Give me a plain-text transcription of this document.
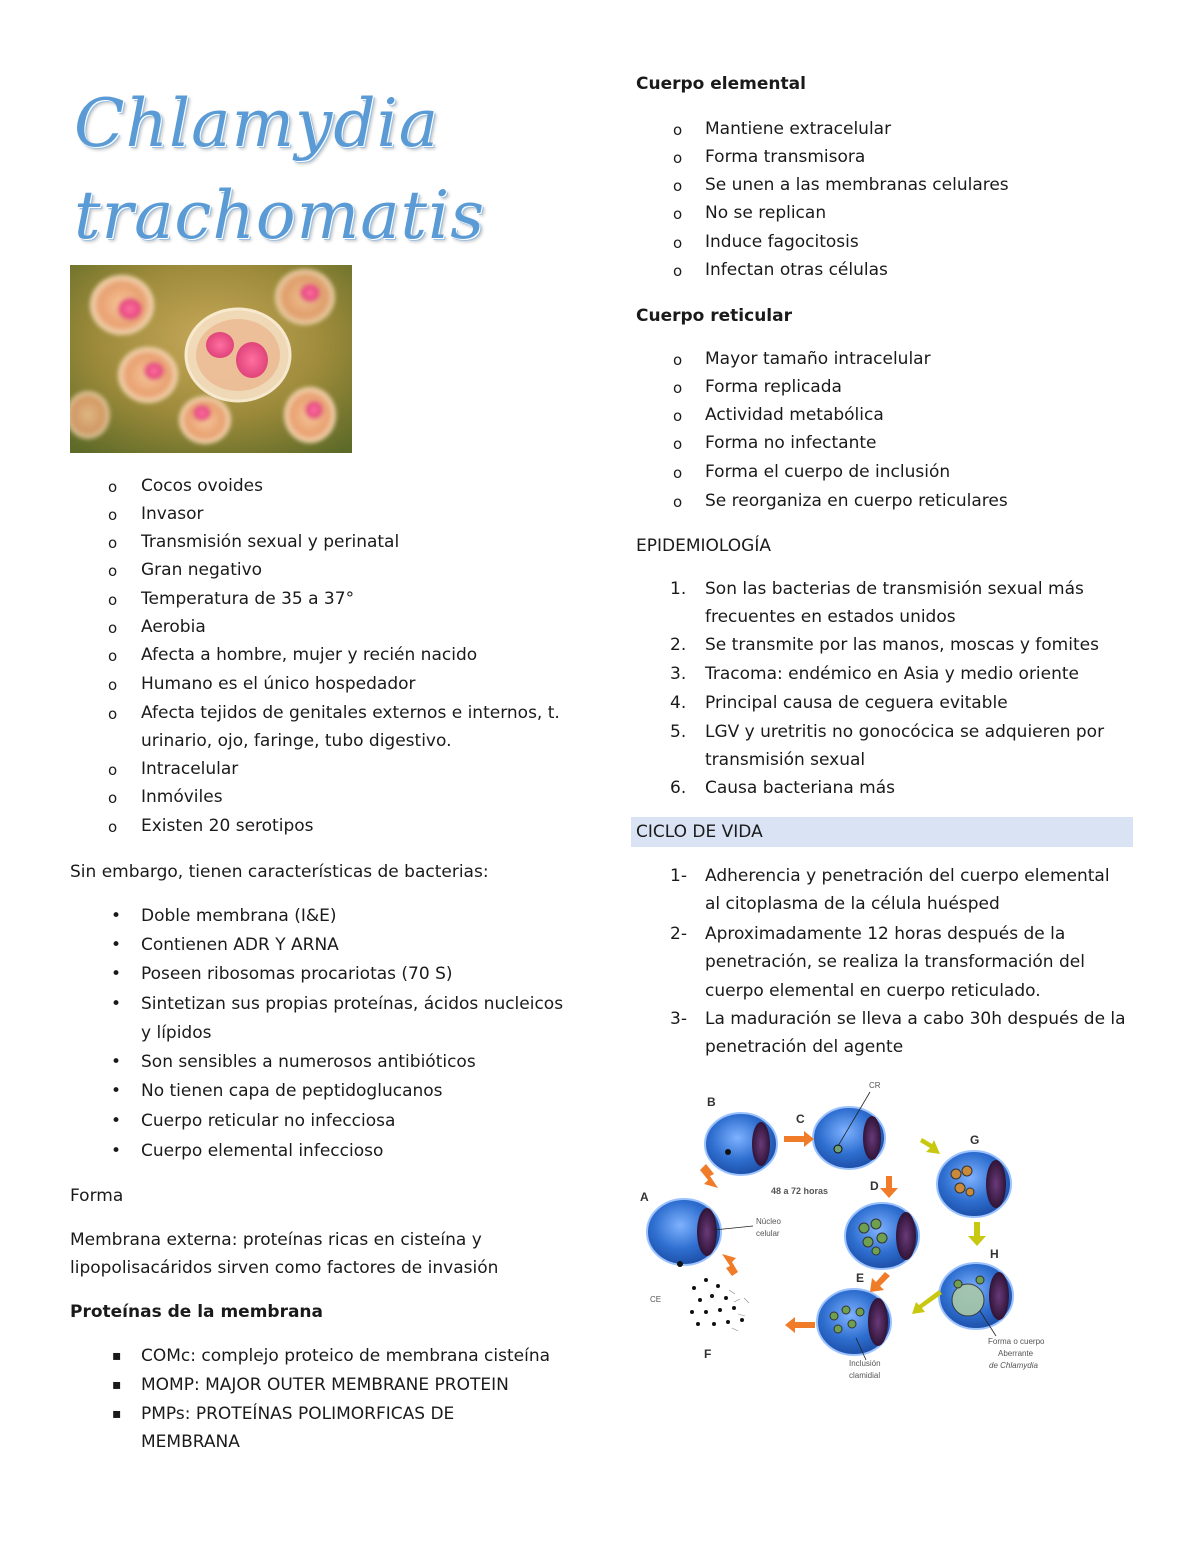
Chlamydia
trachomatis
o Cocos ovoides
o Invasor
o Transmisión sexual y perinatal
o Gran negativo
o Temperatura de 35 a 37°
o Aerobia
o Afecta a hombre, mujer y recién nacido
o Humano es el único hospedador
o Afecta tejidos de genitales externos e internos, t.
urinario, ojo, faringe, tubo digestivo.
o Intracelular
o Inmóviles
o Existen 20 serotipos
Sin embargo, tienen características de bacterias:
• Doble membrana (I&E)
• Contienen ADR Y ARNA
• Poseen ribosomas procariotas (70 S)
• Sintetizan sus propias proteínas, ácidos nucleicos
y lípidos
• Son sensibles a numerosos antibióticos
• No tienen capa de peptidoglucanos
• Cuerpo reticular no infecciosa
• Cuerpo elemental infeccioso
Forma
Membrana externa: proteínas ricas en cisteína y
lipopolisacáridos sirven como factores de invasión
Proteínas de la membrana
▪ COMc: complejo proteico de membrana cisteína
▪ MOMP: MAJOR OUTER MEMBRANE PROTEIN
▪ PMPs: PROTEÍNAS POLIMORFICAS DE
MEMBRANA
Cuerpo elemental
o Mantiene extracelular
o Forma transmisora
o Se unen a las membranas celulares
o No se replican
o Induce fagocitosis
o Infectan otras células
Cuerpo reticular
o Mayor tamaño intracelular
o Forma replicada
o Actividad metabólica
o Forma no infectante
o Forma el cuerpo de inclusión
o Se reorganiza en cuerpo reticulares
EPIDEMIOLOGÍA
1. Son las bacterias de transmisión sexual más
frecuentes en estados unidos
2. Se transmite por las manos, moscas y fomites
3. Tracoma: endémico en Asia y medio oriente
4. Principal causa de ceguera evitable
5. LGV y uretritis no gonocócica se adquieren por
transmisión sexual
6. Causa bacteriana más
CICLO DE VIDA
1- Adherencia y penetración del cuerpo elemental
al citoplasma de la célula huésped
2- Aproximadamente 12 horas después de la
penetración, se realiza la transformación del
cuerpo elemental en cuerpo reticulado.
3- La maduración se lleva a cabo 30h después de la
penetración del agente
B
C
G
A
D
H
E
F
CR
CE
48 a 72 horas
Núcleo
celular
Inclusión
clamidial
Forma o cuerpo
Aberrante
de Chlamydia
